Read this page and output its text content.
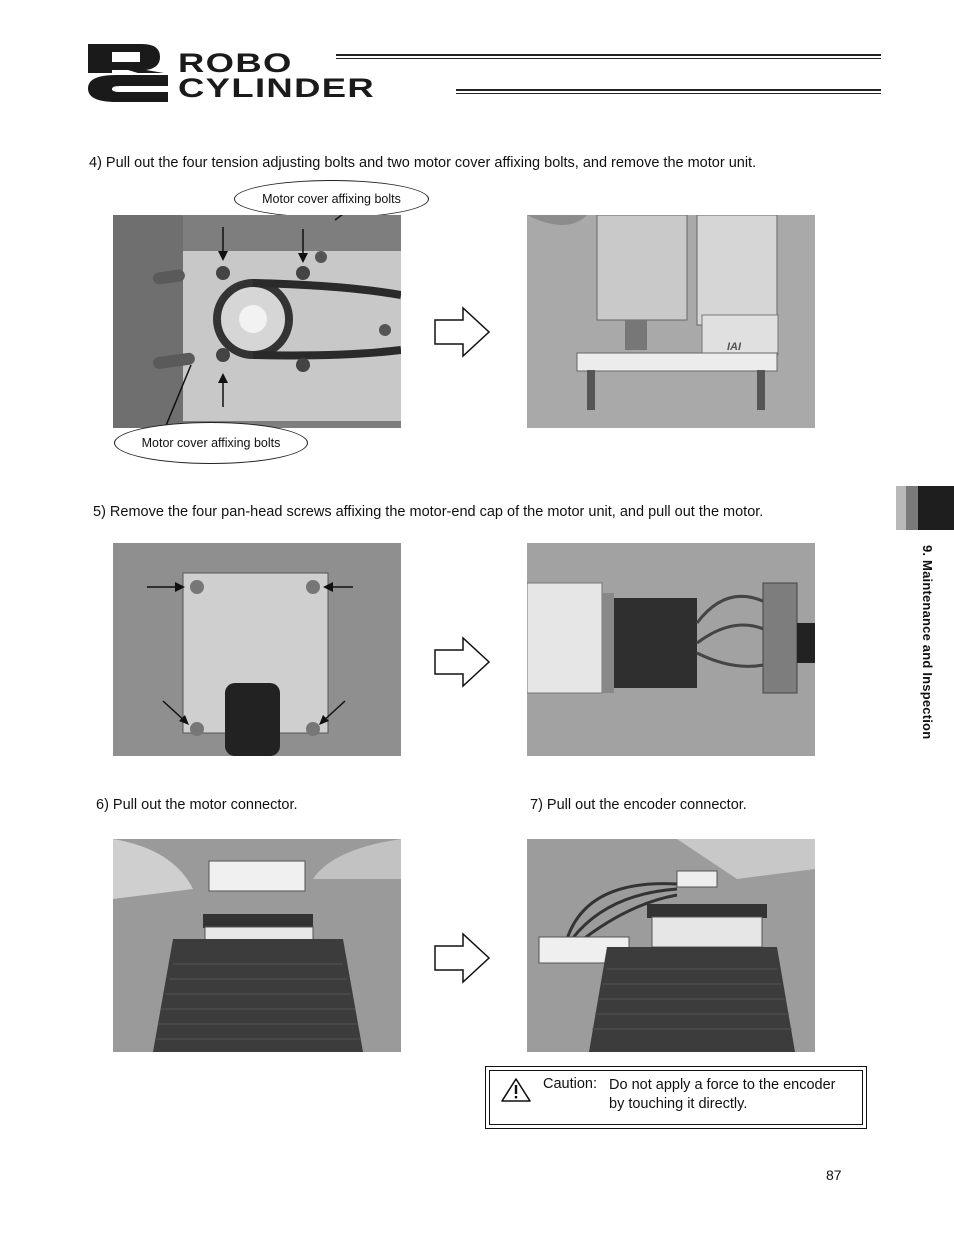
ROBO
CYLINDER
4) Pull out the four tension adjusting bolts and two motor cover affixing bolts, and remove the motor unit.
Motor cover affixing bolts
Motor cover affixing bolts
IAI
5) Remove the four pan-head screws affixing the motor-end cap of the motor unit, and pull out the motor.
6) Pull out the motor connector.	7) Pull out the encoder connector.
Caution: Do not apply a force to the encoder
by touching it directly.
9. Maintenance and Inspection
87
